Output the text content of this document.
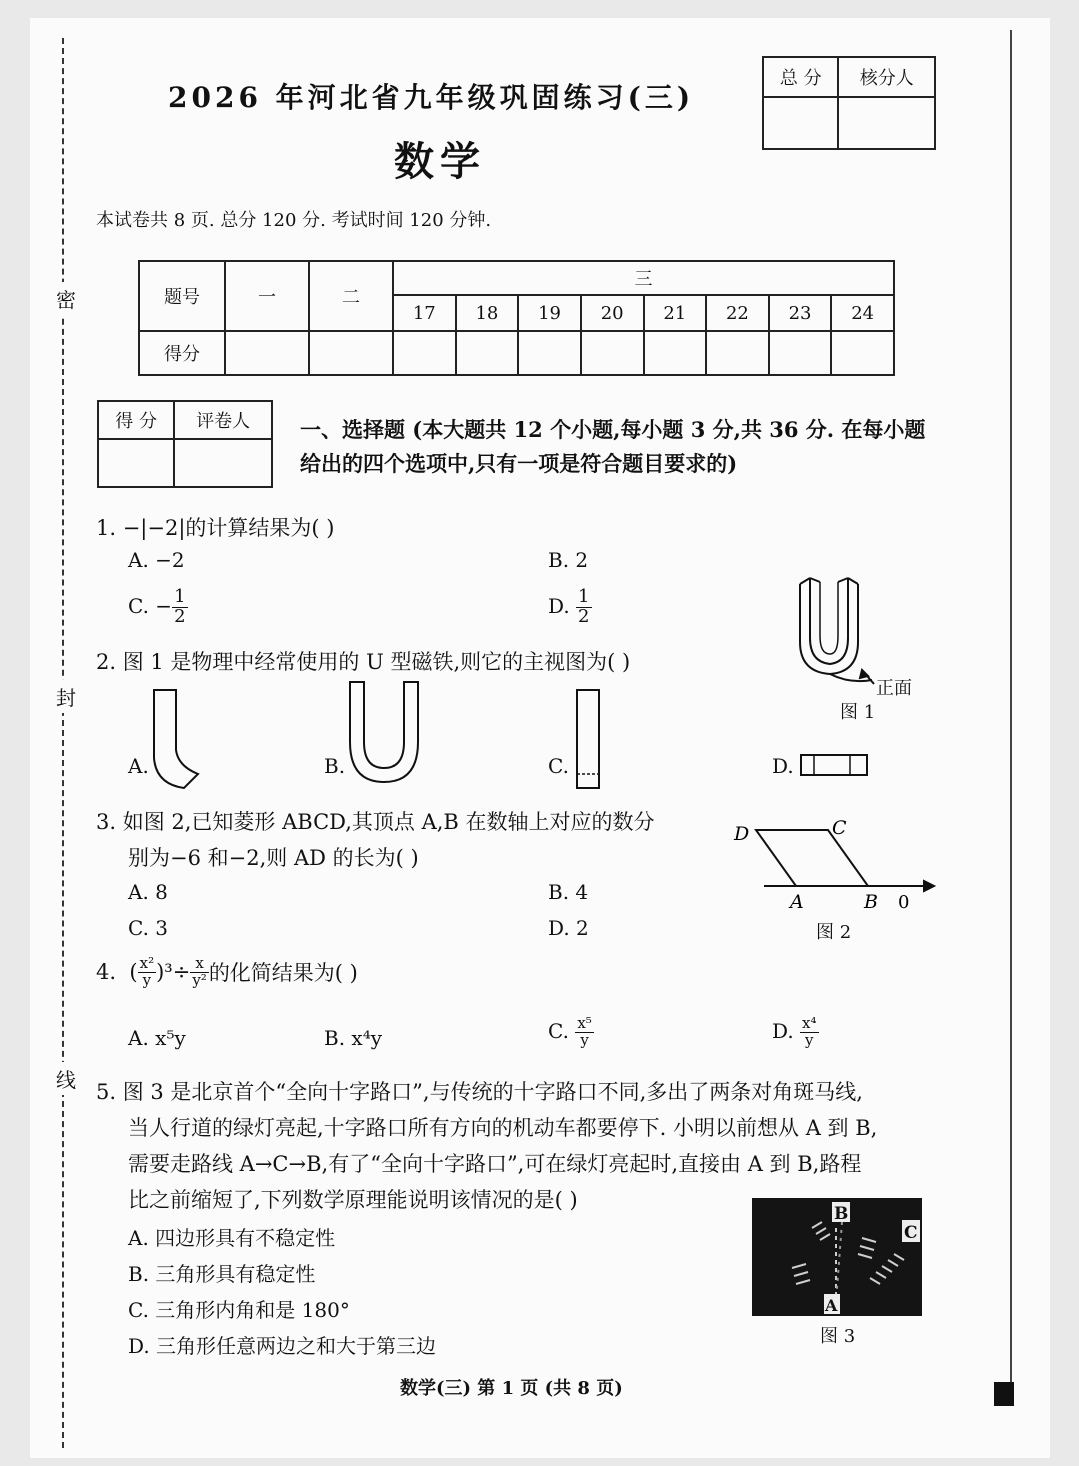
密
封
线
2026 年河北省九年级巩固练习(三)
数学
本试卷共 8 页. 总分 120 分. 考试时间 120 分钟.
总 分	核分人

题号	一	二	三							
			17	18	19	20	21	22	23	24
得分										
得 分	评卷人
	一、选择题 (本大题共 12 个小题,每小题 3 分,共 36 分. 在每小题
给出的四个选项中,只有一项是符合题目要求的)
1. −|−2|的计算结果为( )
A. −2	B. 2
C. − $\frac{1}{2}$	D. $\frac{1}{2}$
正面
图 1
2. 图 1 是物理中经常使用的 U 型磁铁,则它的主视图为( )
A.	B.	C.	D.
3. 如图 2,已知菱形 ABCD,其顶点 A,B 在数轴上对应的数分
别为−6 和−2,则 AD 的长为( )
A. 8	B. 4
C. 3	D. 2
D	C
A	B 0
图 2
4.
( $\frac{\text{x²}}{y} )^3\div \frac{x}{\text{y²}}$ 的化简结果为( )
A. x⁵y	B. x⁴y	C. $\frac{\text{x⁵}}{y}$	D. $\frac{\text{x⁴}}{y}$
5. 图 3 是北京首个“全向十字路口”,与传统的十字路口不同,多出了两条对角斑马线,
当人行道的绿灯亮起,十字路口所有方向的机动车都要停下. 小明以前想从 A 到 B,
需要走路线 A→C→B,有了“全向十字路口”,可在绿灯亮起时,直接由 A 到 B,路程
比之前缩短了,下列数学原理能说明该情况的是( )
A. 四边形具有不稳定性
B. 三角形具有稳定性
C. 三角形内角和是 180°
D. 三角形任意两边之和大于第三边
B
C
A
图 3
数学(三) 第 1 页 (共 8 页)
